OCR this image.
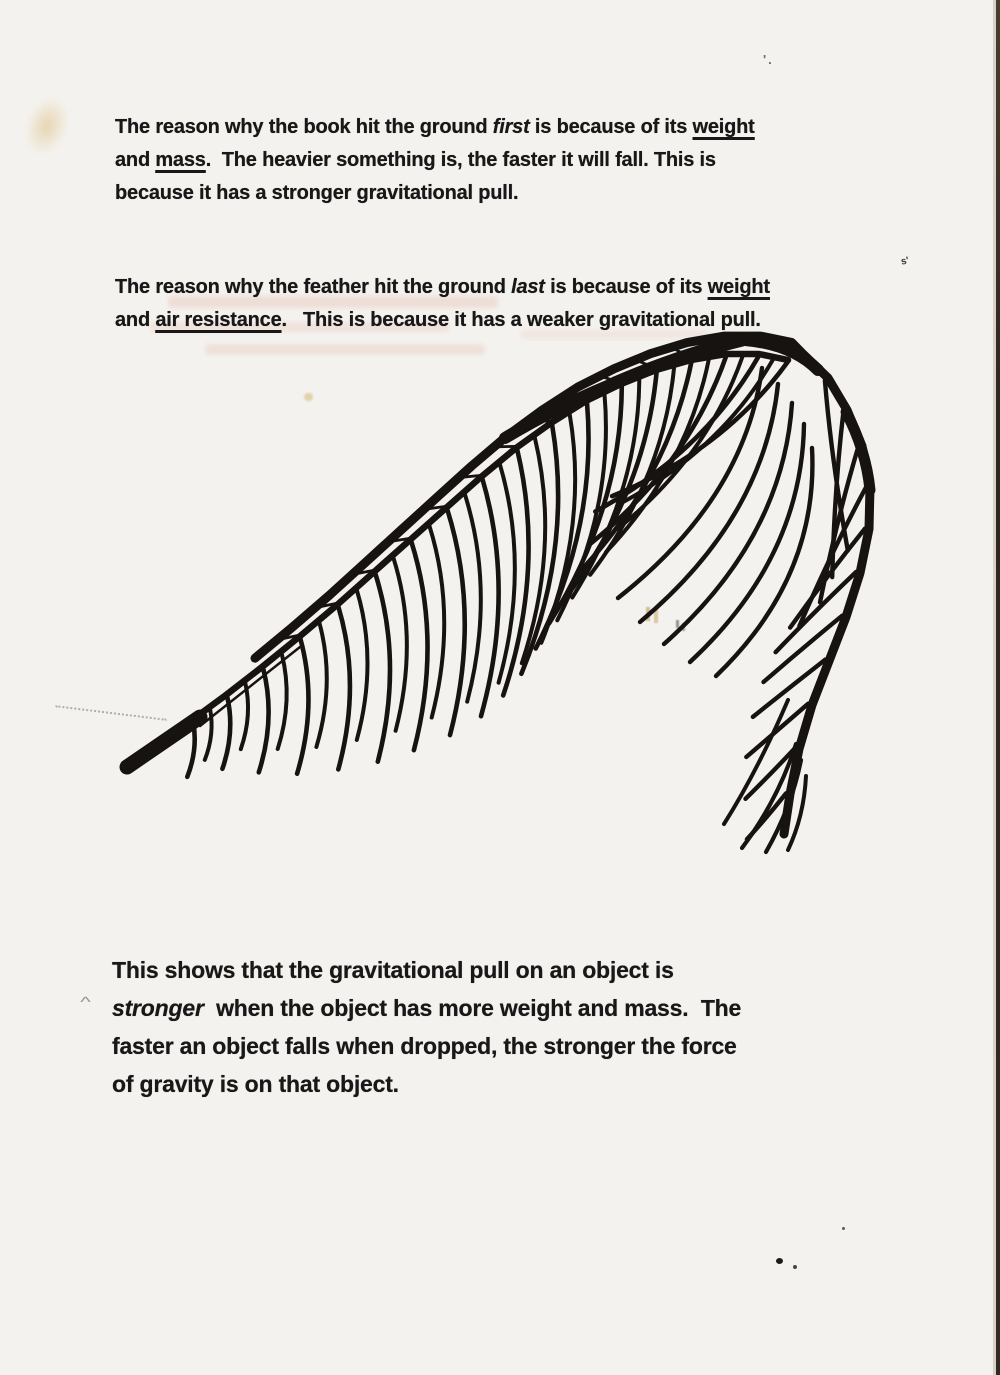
The reason why the book hit the ground first is because of its weight
and mass.  The heavier something is, the faster it will fall. This is
because it has a stronger gravitational pull.
The reason why the feather hit the ground last is because of its weight
and air resistance.   This is because it has a weaker gravitational pull.
This shows that the gravitational pull on an object is
stronger  when the object has more weight and mass.  The
faster an object falls when dropped, the stronger the force
of gravity is on that object.
'.
s'
^
